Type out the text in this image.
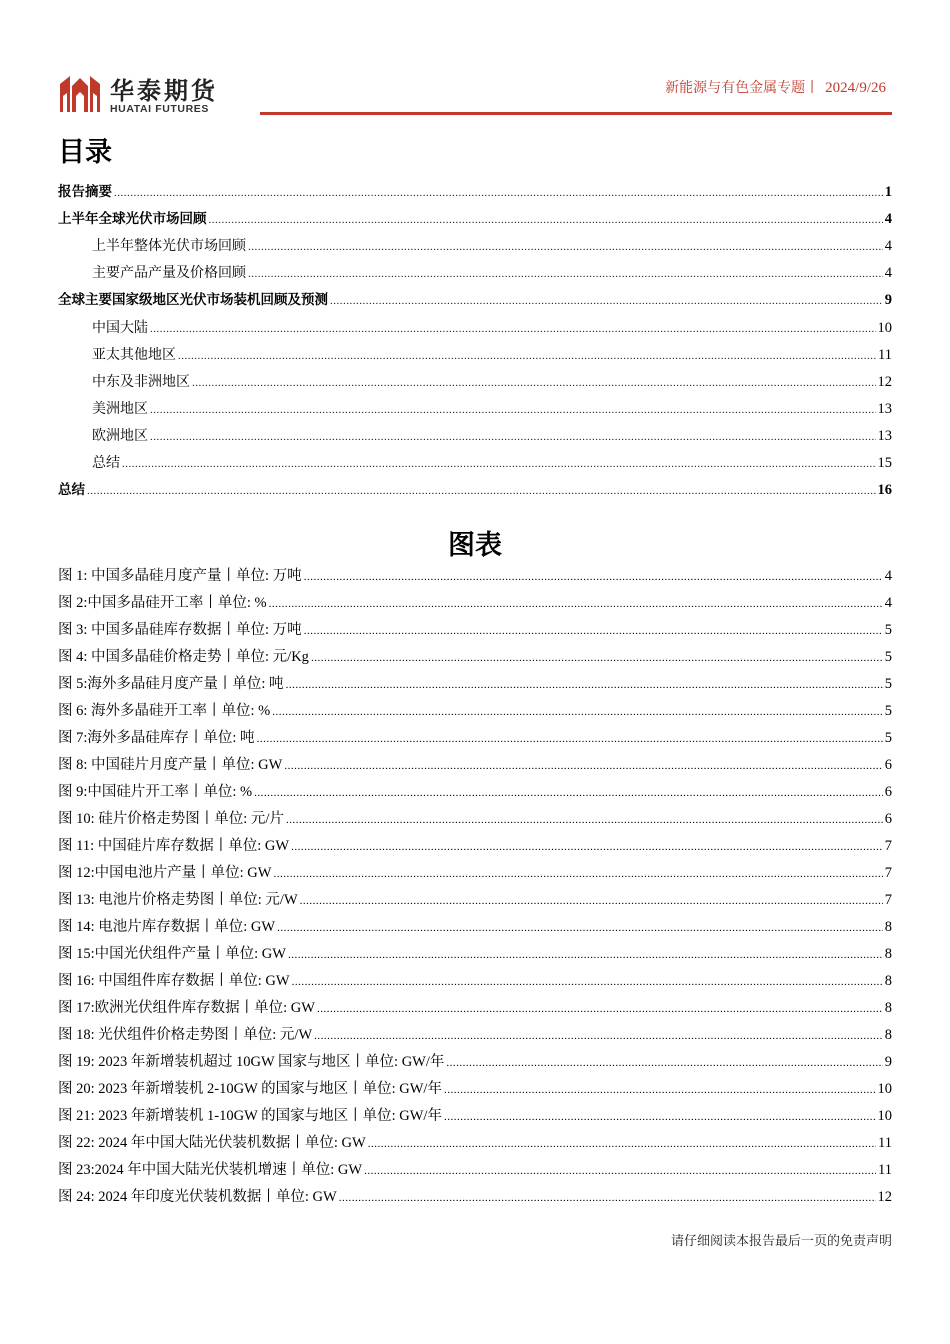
华泰期货
HUATAI FUTURES
新能源与有色金属专题丨 2024/9/26
目录
报告摘要 .....	1
上半年全球光伏市场回顾 .....	4
上半年整体光伏市场回顾 .....	4
主要产品产量及价格回顾 .....	4
全球主要国家级地区光伏市场装机回顾及预测 .....	9
中国大陆 .....	10
亚太其他地区 .....	11
中东及非洲地区 .....	12
美洲地区 .....	13
欧洲地区 .....	13
总结 .....	15
总结 .....	16
图表
图 1: 中国多晶硅月度产量丨单位: 万吨 .....	4
图 2:中国多晶硅开工率丨单位: % .....	4
图 3: 中国多晶硅库存数据丨单位: 万吨 .....	5
图 4: 中国多晶硅价格走势丨单位: 元/Kg .....	5
图 5:海外多晶硅月度产量丨单位: 吨 .....	5
图 6: 海外多晶硅开工率丨单位: % .....	5
图 7:海外多晶硅库存丨单位: 吨 .....	5
图 8: 中国硅片月度产量丨单位: GW .....	6
图 9:中国硅片开工率丨单位: % .....	6
图 10: 硅片价格走势图丨单位: 元/片 .....	6
图 11: 中国硅片库存数据丨单位: GW .....	7
图 12:中国电池片产量丨单位: GW .....	7
图 13: 电池片价格走势图丨单位: 元/W .....	7
图 14: 电池片库存数据丨单位: GW .....	8
图 15:中国光伏组件产量丨单位: GW .....	8
图 16: 中国组件库存数据丨单位: GW .....	8
图 17:欧洲光伏组件库存数据丨单位: GW .....	8
图 18: 光伏组件价格走势图丨单位: 元/W .....	8
图 19: 2023 年新增装机超过 10GW 国家与地区丨单位: GW/年 .....	9
图 20: 2023 年新增装机 2-10GW 的国家与地区丨单位: GW/年 .....	10
图 21: 2023 年新增装机 1-10GW 的国家与地区丨单位: GW/年 .....	10
图 22: 2024 年中国大陆光伏装机数据丨单位: GW .....	11
图 23:2024 年中国大陆光伏装机增速丨单位: GW .....	11
图 24: 2024 年印度光伏装机数据丨单位: GW .....	12
请仔细阅读本报告最后一页的免责声明
